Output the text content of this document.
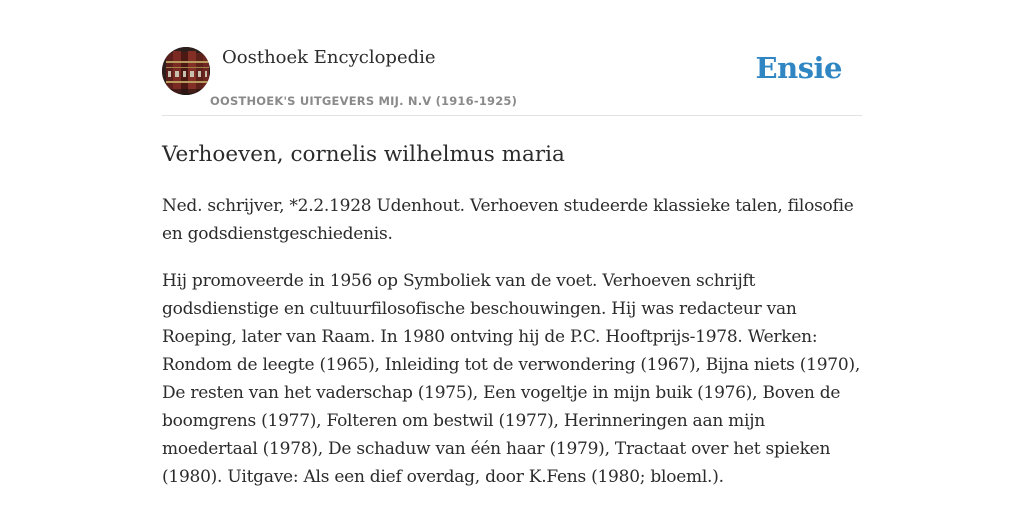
Oosthoek Encyclopedie
OOSTHOEK'S UITGEVERS MIJ. N.V (1916-1925)
Ensie
Verhoeven, cornelis wilhelmus maria

Ned. schrijver, *2.2.1928 Udenhout. Verhoeven studeerde klassieke talen, filosofie en godsdienstgeschiedenis.

Hij promoveerde in 1956 op Symboliek van de voet. Verhoeven schrijft godsdienstige en cultuurfilosofische beschouwingen. Hij was redacteur van Roeping, later van Raam. In 1980 ontving hij de P.C. Hooftprijs-1978. Werken: Rondom de leegte (1965), Inleiding tot de verwondering (1967), Bijna niets (1970), De resten van het vaderschap (1975), Een vogeltje in mijn buik (1976), Boven de boomgrens (1977), Folteren om bestwil (1977), Herinneringen aan mijn moedertaal (1978), De schaduw van één haar (1979), Tractaat over het spieken (1980). Uitgave: Als een dief overdag, door K.Fens (1980; bloeml.).
